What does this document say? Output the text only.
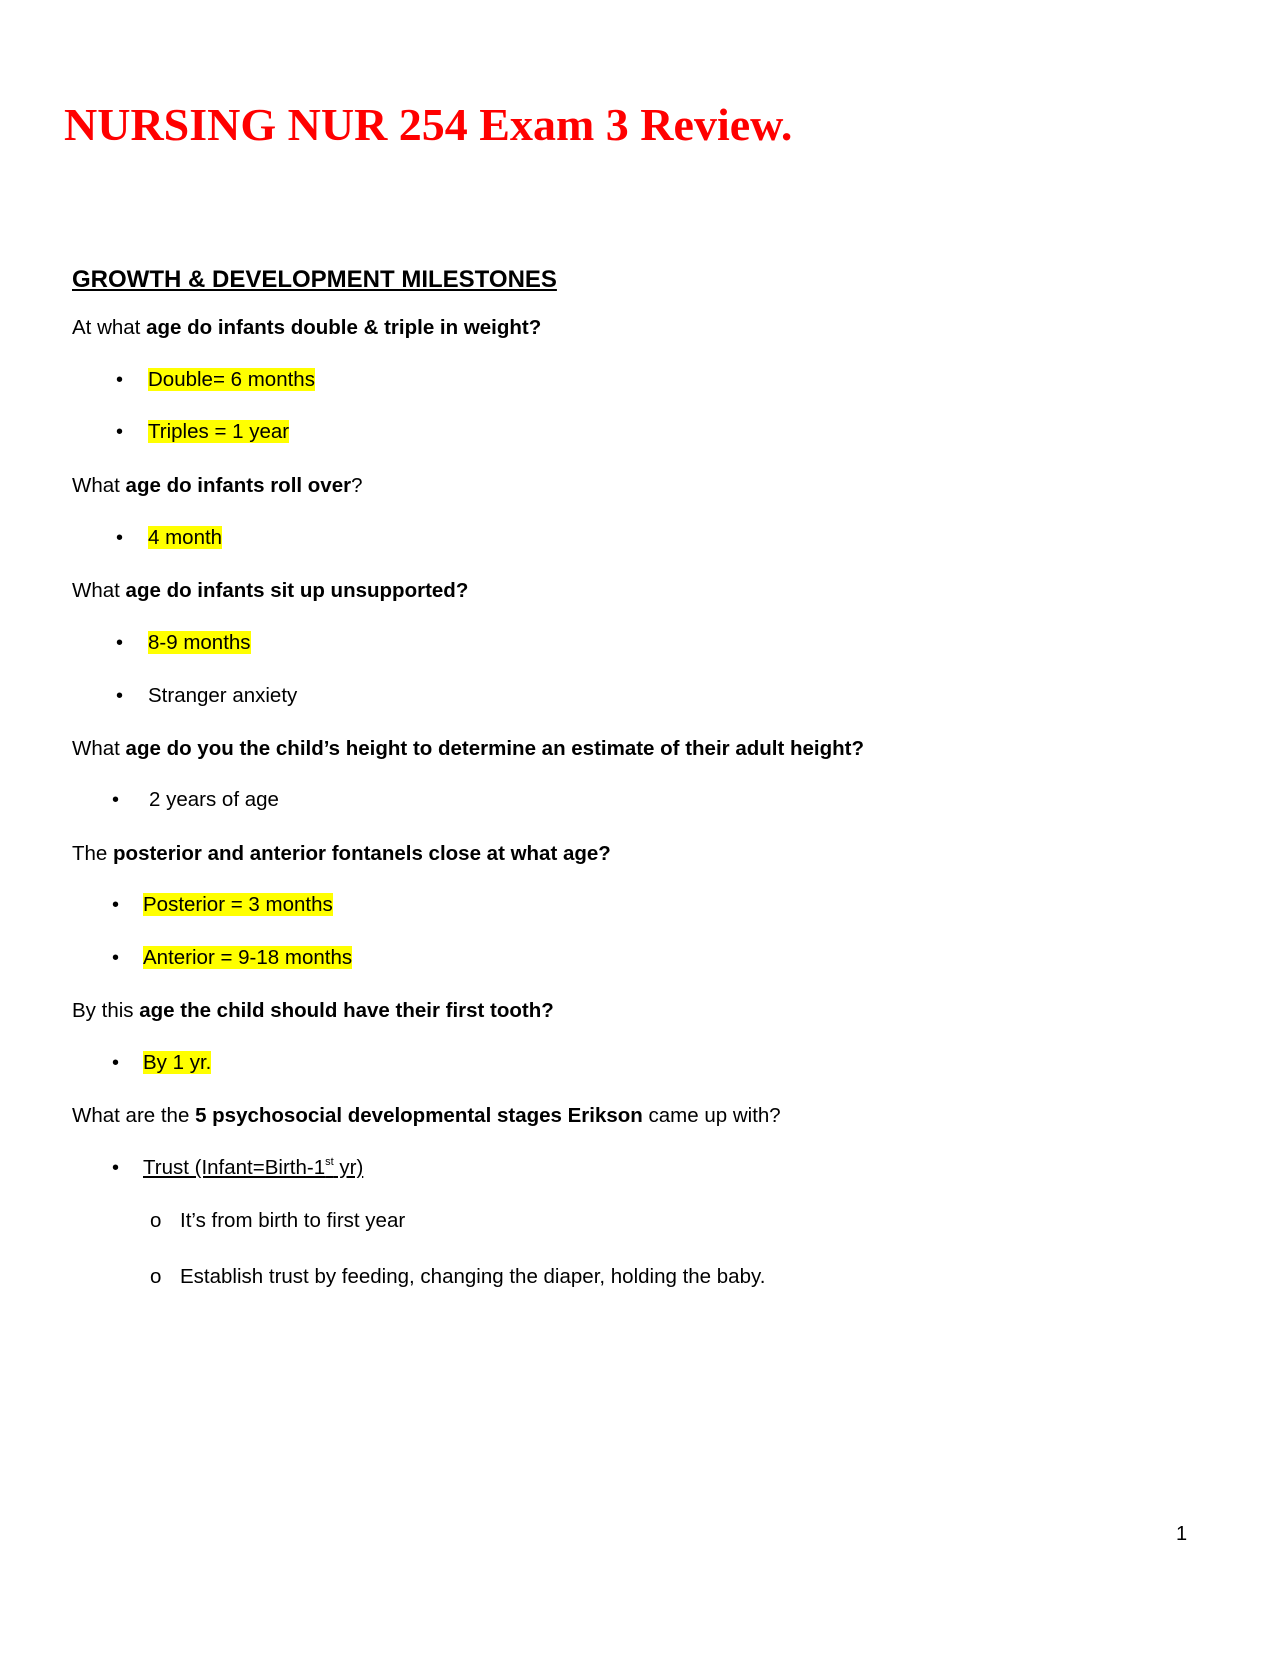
NURSING NUR 254 Exam 3 Review.
GROWTH & DEVELOPMENT MILESTONES

At what age do infants double & triple in weight?

• Double= 6 months

• Triples = 1 year

What age do infants roll over?

• 4 month

What age do infants sit up unsupported?

• 8-9 months

• Stranger anxiety

What age do you the child’s height to determine an estimate of their adult height?

• 2 years of age

The posterior and anterior fontanels close at what age?

• Posterior = 3 months

• Anterior = 9-18 months

By this age the child should have their first tooth?

• By 1 yr.

What are the 5 psychosocial developmental stages Erikson came up with?

• Trust (Infant=Birth-1st yr)

o It’s from birth to first year

o Establish trust by feeding, changing the diaper, holding the baby.

1
